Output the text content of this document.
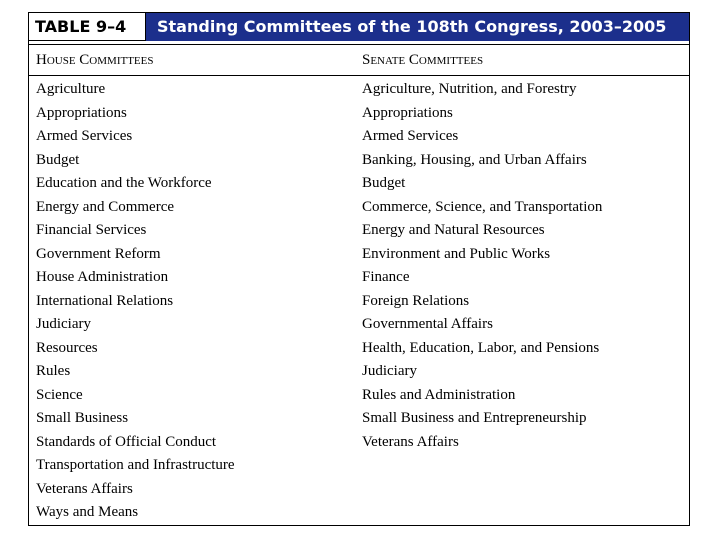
TABLE 9–4	Standing Committees of the 108th Congress, 2003–2005
House Committees	Senate Committees
Agriculture
Appropriations
Armed Services
Budget
Education and the Workforce
Energy and Commerce
Financial Services
Government Reform
House Administration
International Relations
Judiciary
Resources
Rules
Science
Small Business
Standards of Official Conduct
Transportation and Infrastructure
Veterans Affairs
Ways and Means
Agriculture, Nutrition, and Forestry
Appropriations
Armed Services
Banking, Housing, and Urban Affairs
Budget
Commerce, Science, and Transportation
Energy and Natural Resources
Environment and Public Works
Finance
Foreign Relations
Governmental Affairs
Health, Education, Labor, and Pensions
Judiciary
Rules and Administration
Small Business and Entrepreneurship
Veterans Affairs
